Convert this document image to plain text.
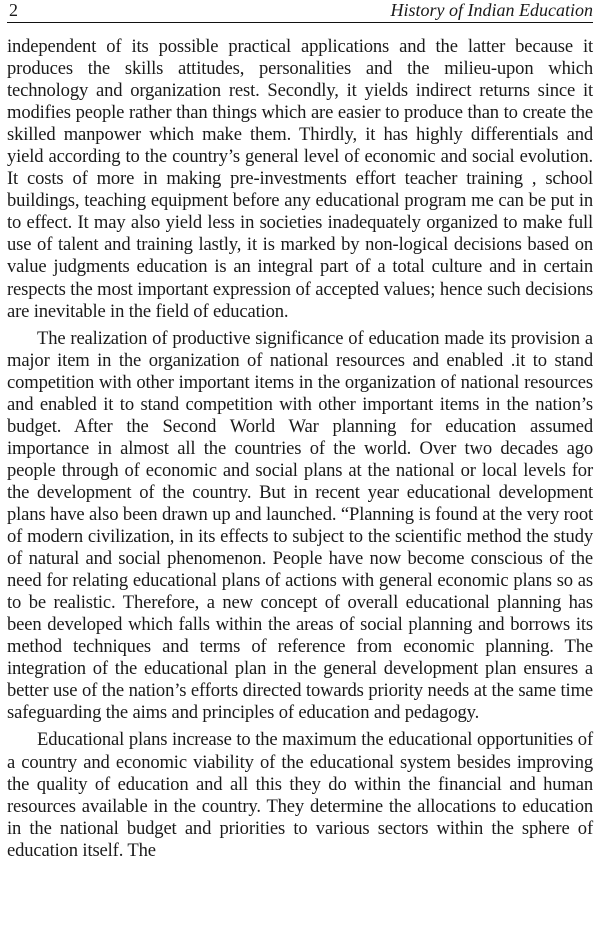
2	History of Indian Education

independent of its possible practical applications and the latter because it produces the skills attitudes, personalities and the milieu-upon which technology and organization rest. Secondly, it yields indirect returns since it modifies people rather than things which are easier to produce than to create the skilled manpower which make them. Thirdly, it has highly differentials and yield according to the country’s general level of economic and social evolution. It costs of more in making pre-investments effort teacher training , school buildings, teaching equipment before any educational program me can be put in to effect. It may also yield less in societies inadequately organized to make full use of talent and training lastly, it is marked by non-logical decisions based on value judgments education is an integral part of a total culture and in certain respects the most important expression of accepted values; hence such decisions are inevitable in the field of education.

The realization of productive significance of education made its provision a major item in the organization of national resources and enabled .it to stand competition with other important items in the organization of national resources and enabled it to stand competition with other important items in the nation’s budget. After the Second World War planning for education assumed importance in almost all the countries of the world. Over two decades ago people through of economic and social plans at the national or local levels for the development of the country. But in recent year educational development plans have also been drawn up and launched. “Planning is found at the very root of modern civilization, in its effects to subject to the scientific method the study of natural and social phenomenon. People have now become conscious of the need for relating educational plans of actions with general economic plans so as to be realistic. Therefore, a new concept of overall educational planning has been developed which falls within the areas of social planning and borrows its method techniques and terms of reference from economic planning. The integration of the educational plan in the general development plan ensures a better use of the nation’s efforts directed towards priority needs at the same time safeguarding the aims and principles of education and pedagogy.

Educational plans increase to the maximum the educational opportunities of a country and economic viability of the educational system besides improving the quality of education and all this they do within the financial and human resources available in the country. They determine the allocations to education in the national budget and priorities to various sectors within the sphere of education itself. The
